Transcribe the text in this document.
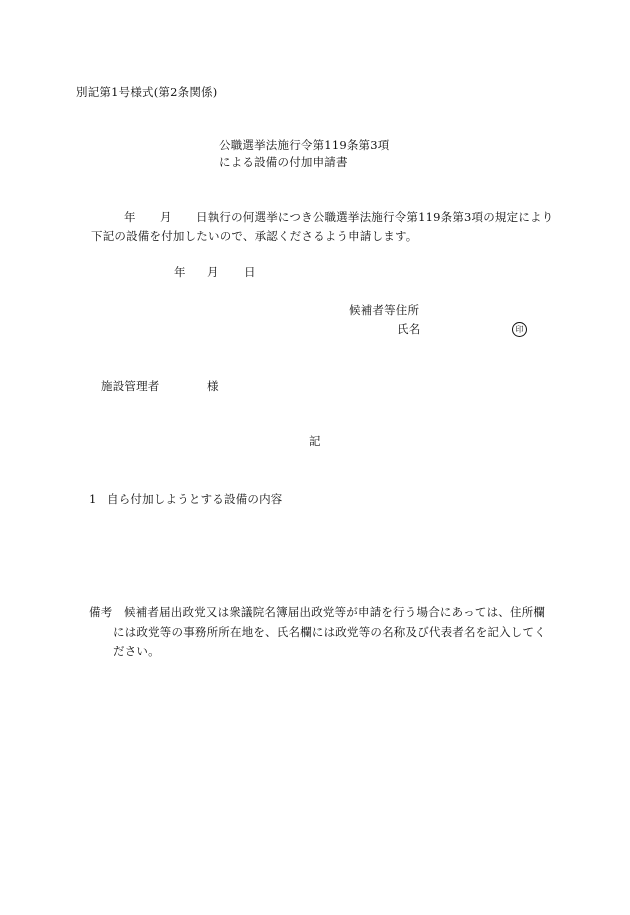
別記第1号様式(第2条関係)
公職選挙法施行令第119条第3項
による設備の付加申請書
年 月 日執行の何選挙につき公職選挙法施行令第119条第3項の規定により
下記の設備を付加したいので、承認くださるよう申請します。
年 月 日
候補者等住所
氏名	印
施設管理者	様
記
1 自ら付加しようとする設備の内容
備考 候補者届出政党又は衆議院名簿届出政党等が申請を行う場合にあっては、住所欄
には政党等の事務所所在地を、氏名欄には政党等の名称及び代表者名を記入してく
ださい。
